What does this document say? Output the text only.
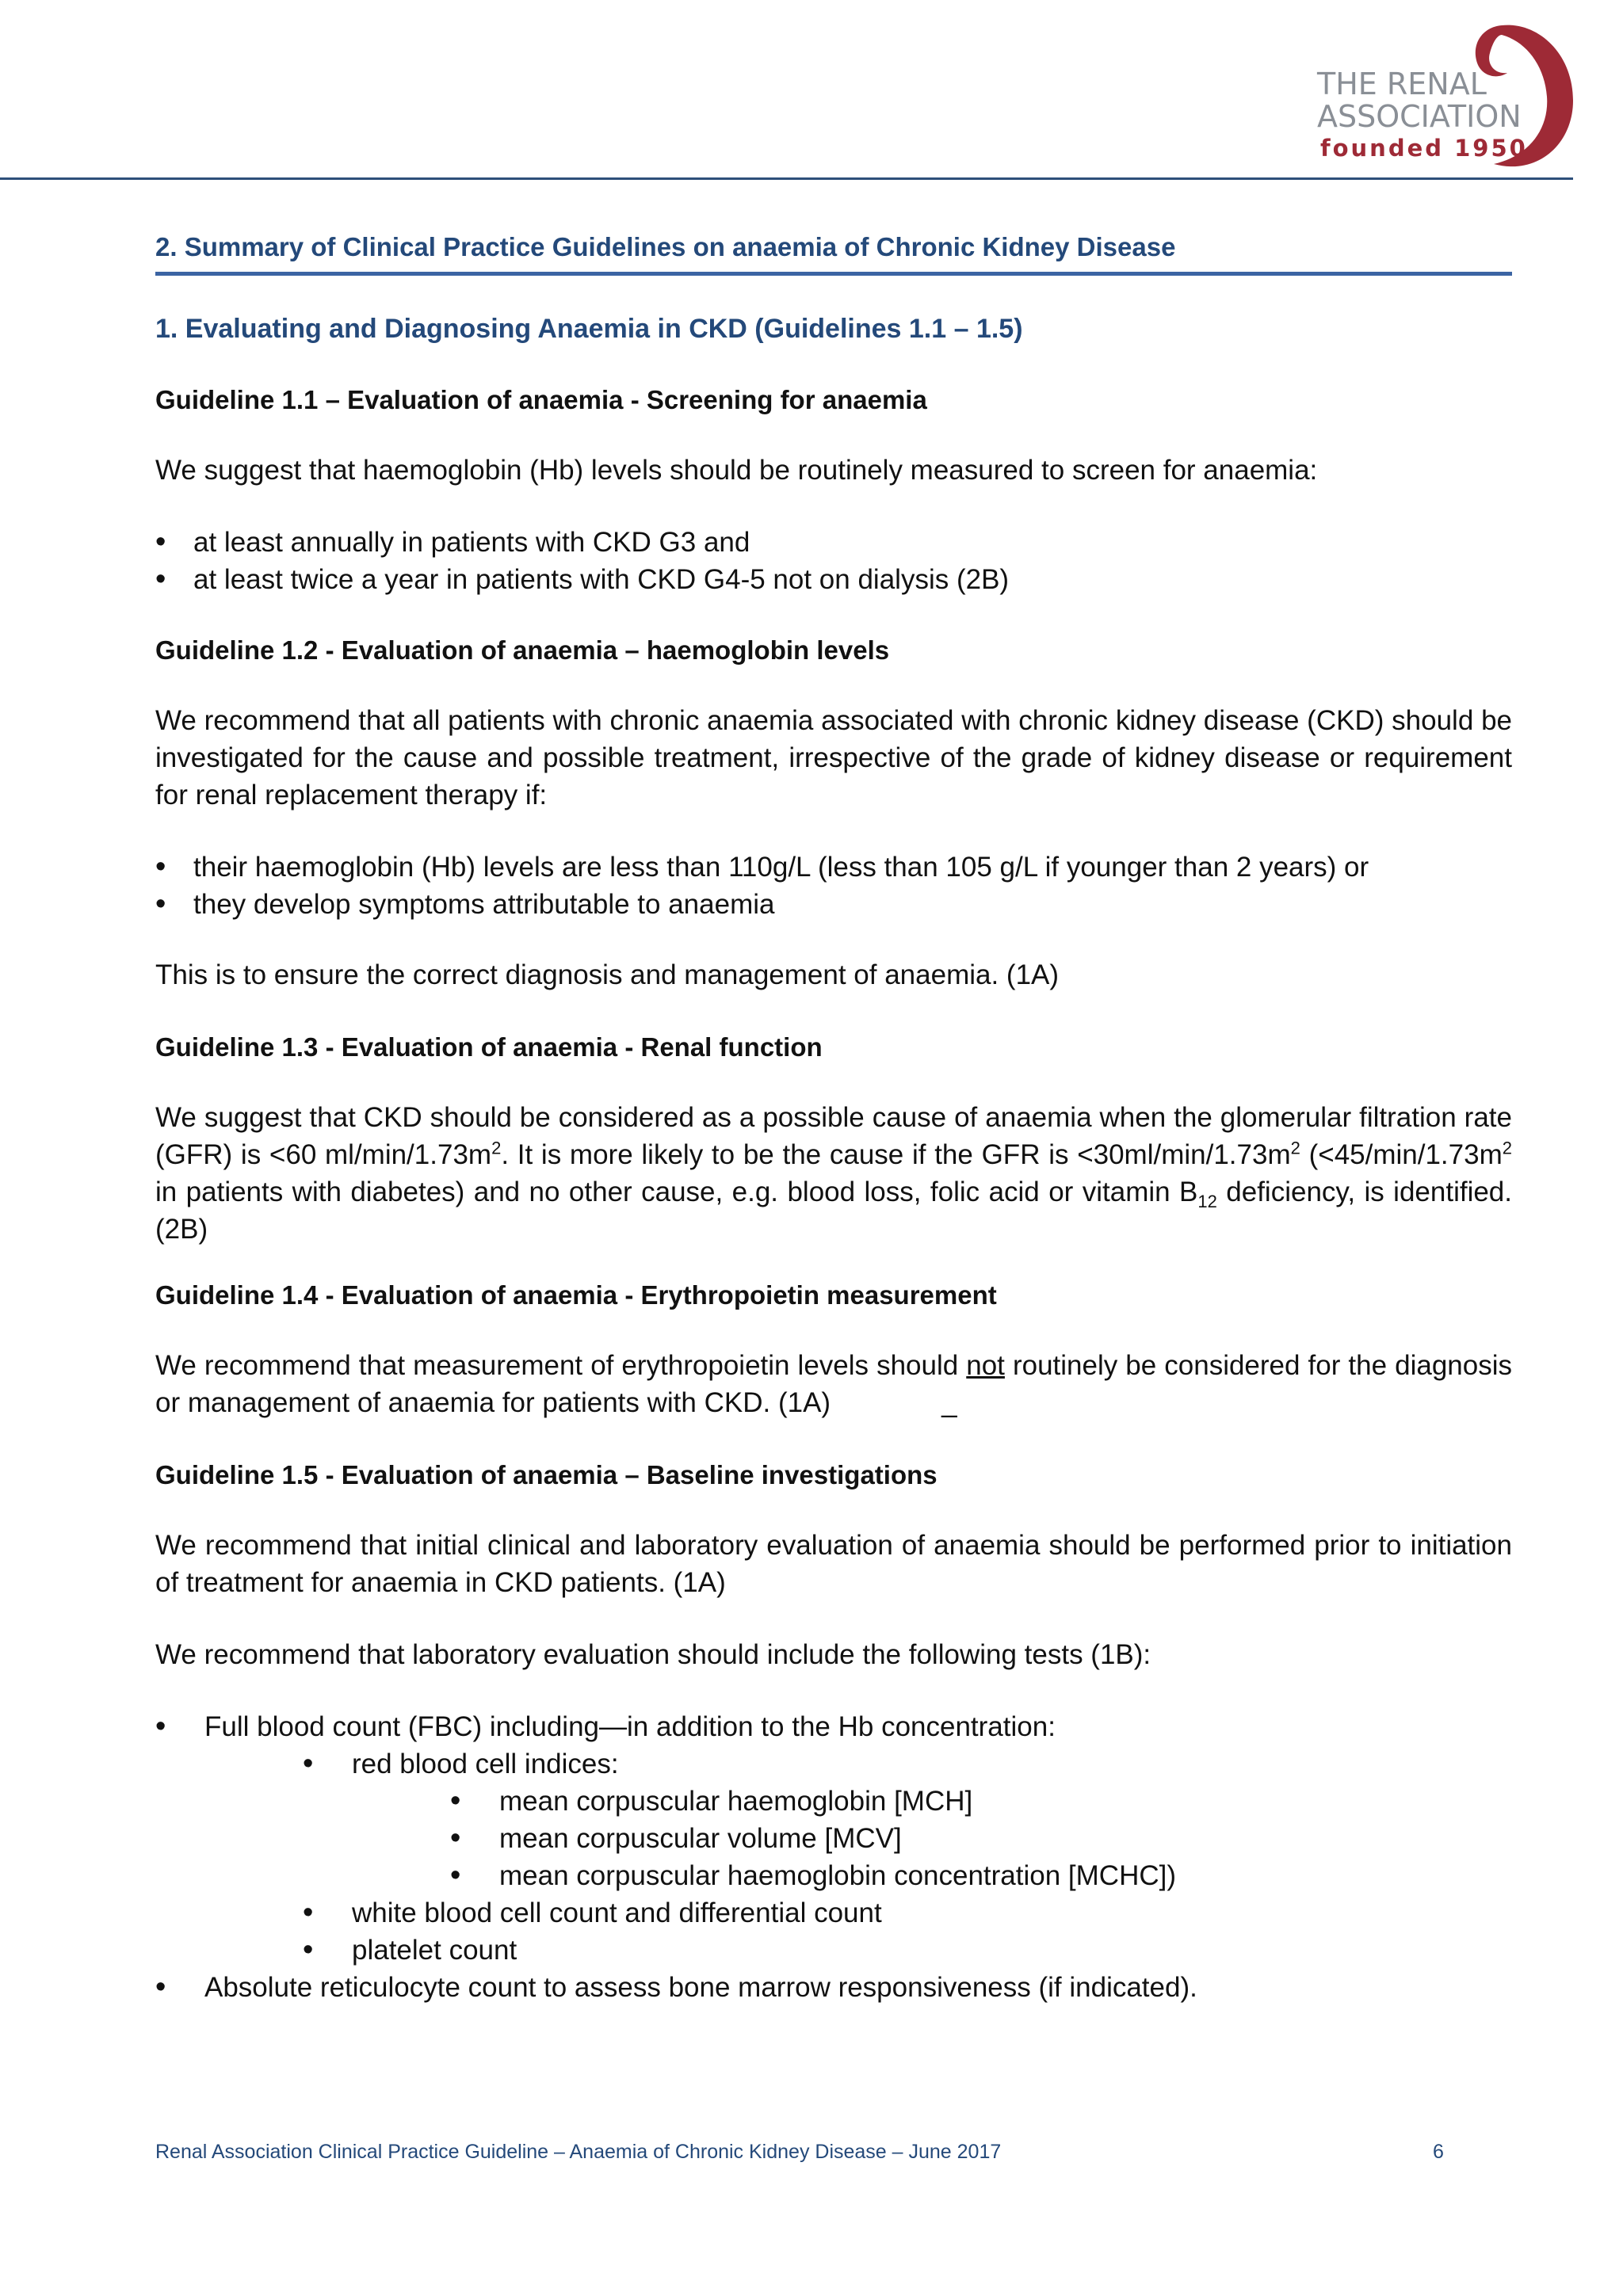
THE RENAL
ASSOCIATION
founded 1950
2. Summary of Clinical Practice Guidelines on anaemia of Chronic Kidney Disease
1. Evaluating and Diagnosing Anaemia in CKD (Guidelines 1.1 – 1.5)
Guideline 1.1 – Evaluation of anaemia - Screening for anaemia

We suggest that haemoglobin (Hb) levels should be routinely measured to screen for anaemia:

• at least annually in patients with CKD G3 and
• at least twice a year in patients with CKD G4-5 not on dialysis (2B)
Guideline 1.2 - Evaluation of anaemia – haemoglobin levels

We recommend that all patients with chronic anaemia associated with chronic kidney disease (CKD) should be investigated for the cause and possible treatment, irrespective of the grade of kidney disease or requirement for renal replacement therapy if:

• their haemoglobin (Hb) levels are less than 110g/L (less than 105 g/L if younger than 2 years) or
• they develop symptoms attributable to anaemia

This is to ensure the correct diagnosis and management of anaemia. (1A)

Guideline 1.3 - Evaluation of anaemia - Renal function

We suggest that CKD should be considered as a possible cause of anaemia when the glomerular filtration rate (GFR) is <60 $ml/\min/1.73m^2$. It is more likely to be the cause if the GFR is $<30ml/\min/1.73m^2$ ($<45/\min/1.73m^2$ in patients with diabetes) and no other cause, e.g. blood loss, folic acid or vitamin $B_{12}$ deficiency, is identified. (2B)

Guideline 1.4 - Evaluation of anaemia - Erythropoietin measurement

We recommend that measurement of erythropoietin levels should not routinely be considered for the diagnosis or management of anaemia for patients with CKD. (1A)	_

Guideline 1.5 - Evaluation of anaemia – Baseline investigations

We recommend that initial clinical and laboratory evaluation of anaemia should be performed prior to initiation of treatment for anaemia in CKD patients. (1A)

We recommend that laboratory evaluation should include the following tests (1B):

• Full blood count (FBC) including—in addition to the Hb concentration:
• red blood cell indices:
• mean corpuscular haemoglobin [MCH]
• mean corpuscular volume [MCV]
• mean corpuscular haemoglobin concentration [MCHC])
• white blood cell count and differential count
• platelet count
• Absolute reticulocyte count to assess bone marrow responsiveness (if indicated).
Renal Association Clinical Practice Guideline – Anaemia of Chronic Kidney Disease – June 2017	6
